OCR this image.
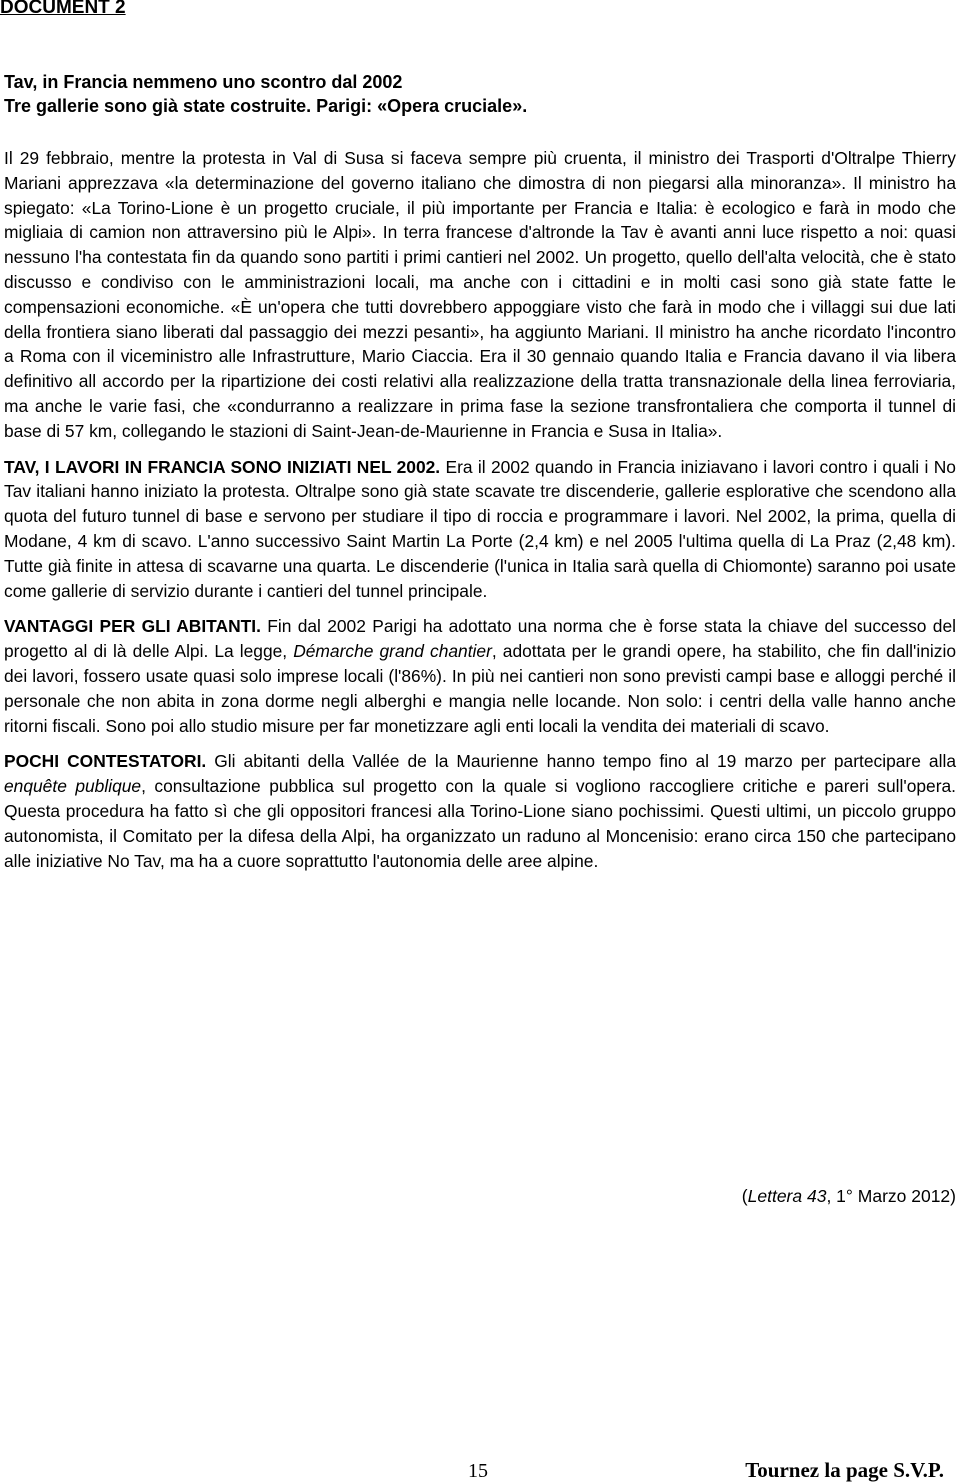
DOCUMENT 2
Tav, in Francia nemmeno uno scontro dal 2002
Tre gallerie sono già state costruite. Parigi: «Opera cruciale».

Il 29 febbraio, mentre la protesta in Val di Susa si faceva sempre più cruenta, il ministro dei Trasporti d'Oltralpe Thierry Mariani apprezzava «la determinazione del governo italiano che dimostra di non piegarsi alla minoranza». Il ministro ha spiegato: «La Torino-Lione è un progetto cruciale, il più importante per Francia e Italia: è ecologico e farà in modo che migliaia di camion non attraversino più le Alpi». In terra francese d'altronde la Tav è avanti anni luce rispetto a noi: quasi nessuno l'ha contestata fin da quando sono partiti i primi cantieri nel 2002. Un progetto, quello dell'alta velocità, che è stato discusso e condiviso con le amministrazioni locali, ma anche con i cittadini e in molti casi sono già state fatte le compensazioni economiche. «È un'opera che tutti dovrebbero appoggiare visto che farà in modo che i villaggi sui due lati della frontiera siano liberati dal passaggio dei mezzi pesanti», ha aggiunto Mariani. Il ministro ha anche ricordato l'incontro a Roma con il viceministro alle Infrastrutture, Mario Ciaccia. Era il 30 gennaio quando Italia e Francia davano il via libera definitivo all accordo per la ripartizione dei costi relativi alla realizzazione della tratta transnazionale della linea ferroviaria, ma anche le varie fasi, che «condurranno a realizzare in prima fase la sezione transfrontaliera che comporta il tunnel di base di 57 km, collegando le stazioni di Saint-Jean-de-Maurienne in Francia e Susa in Italia».

TAV, I LAVORI IN FRANCIA SONO INIZIATI NEL 2002. Era il 2002 quando in Francia iniziavano i lavori contro i quali i No Tav italiani hanno iniziato la protesta. Oltralpe sono già state scavate tre discenderie, gallerie esplorative che scendono alla quota del futuro tunnel di base e servono per studiare il tipo di roccia e programmare i lavori. Nel 2002, la prima, quella di Modane, 4 km di scavo. L'anno successivo Saint Martin La Porte (2,4 km) e nel 2005 l'ultima quella di La Praz (2,48 km). Tutte già finite in attesa di scavarne una quarta. Le discenderie (l'unica in Italia sarà quella di Chiomonte) saranno poi usate come gallerie di servizio durante i cantieri del tunnel principale.

VANTAGGI PER GLI ABITANTI. Fin dal 2002 Parigi ha adottato una norma che è forse stata la chiave del successo del progetto al di là delle Alpi. La legge, Démarche grand chantier, adottata per le grandi opere, ha stabilito, che fin dall'inizio dei lavori, fossero usate quasi solo imprese locali (l'86%). In più nei cantieri non sono previsti campi base e alloggi perché il personale che non abita in zona dorme negli alberghi e mangia nelle locande. Non solo: i centri della valle hanno anche ritorni fiscali. Sono poi allo studio misure per far monetizzare agli enti locali la vendita dei materiali di scavo.

POCHI CONTESTATORI. Gli abitanti della Vallée de la Maurienne hanno tempo fino al 19 marzo per partecipare alla enquête publique, consultazione pubblica sul progetto con la quale si vogliono raccogliere critiche e pareri sull'opera. Questa procedura ha fatto sì che gli oppositori francesi alla Torino-Lione siano pochissimi. Questi ultimi, un piccolo gruppo autonomista, il Comitato per la difesa della Alpi, ha organizzato un raduno al Moncenisio: erano circa 150 che partecipano alle iniziative No Tav, ma ha a cuore soprattutto l'autonomia delle aree alpine.

(Lettera 43, 1° Marzo 2012)
15	Tournez la page S.V.P.
